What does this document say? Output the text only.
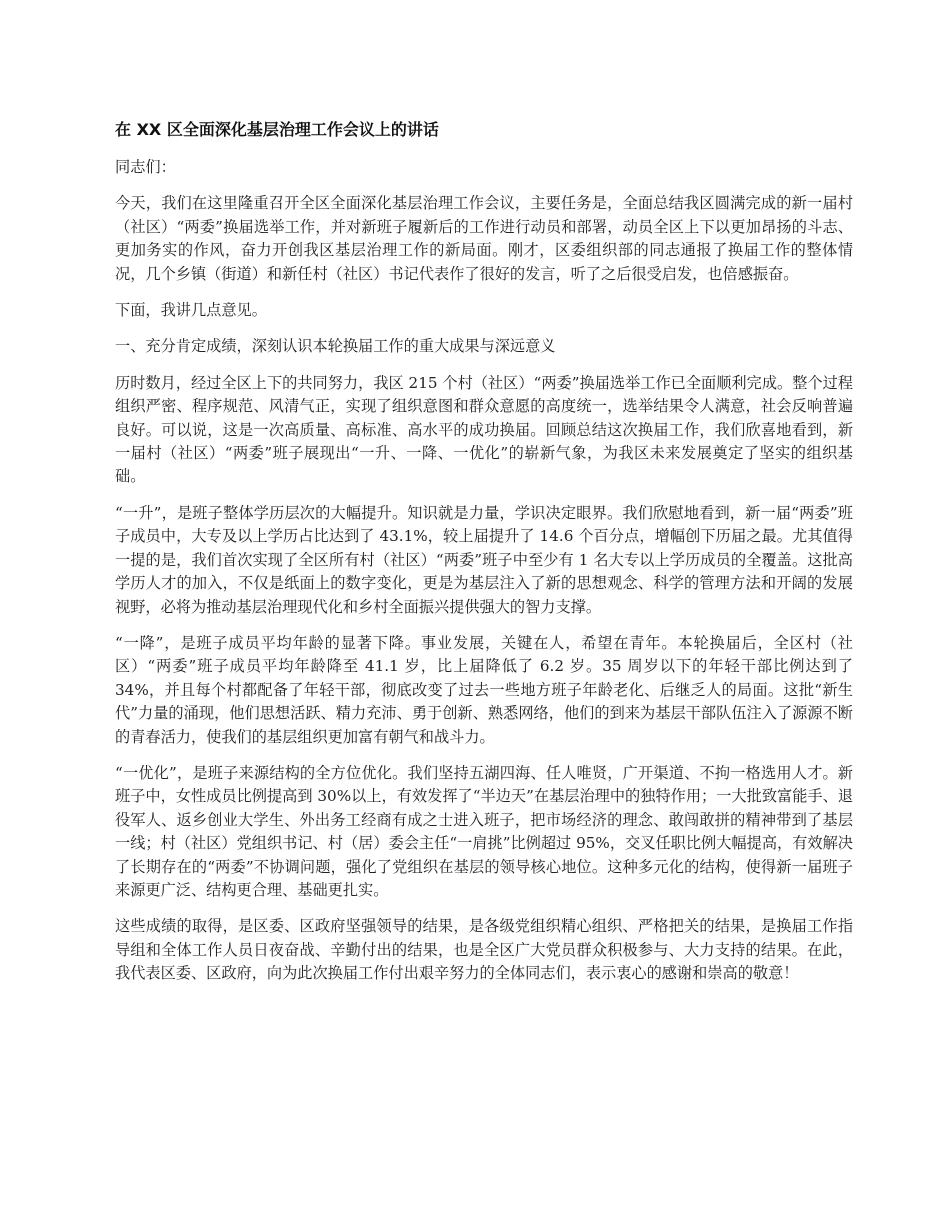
在 XX 区全面深化基层治理工作会议上的讲话

同志们：

今天，我们在这里隆重召开全区全面深化基层治理工作会议，主要任务是，全面总结我区圆满完成的新一届村（社区）“两委”换届选举工作，并对新班子履新后的工作进行动员和部署，动员全区上下以更加昂扬的斗志、更加务实的作风，奋力开创我区基层治理工作的新局面。刚才，区委组织部的同志通报了换届工作的整体情况，几个乡镇（街道）和新任村（社区）书记代表作了很好的发言，听了之后很受启发，也倍感振奋。

下面，我讲几点意见。

一、充分肯定成绩，深刻认识本轮换届工作的重大成果与深远意义

历时数月，经过全区上下的共同努力，我区 215 个村（社区）“两委”换届选举工作已全面顺利完成。整个过程组织严密、程序规范、风清气正，实现了组织意图和群众意愿的高度统一，选举结果令人满意，社会反响普遍良好。可以说，这是一次高质量、高标准、高水平的成功换届。回顾总结这次换届工作，我们欣喜地看到，新一届村（社区）“两委”班子展现出“一升、一降、一优化”的崭新气象，为我区未来发展奠定了坚实的组织基础。

“一升”，是班子整体学历层次的大幅提升。知识就是力量，学识决定眼界。我们欣慰地看到，新一届“两委”班子成员中，大专及以上学历占比达到了 43.1%，较上届提升了 14.6 个百分点，增幅创下历届之最。尤其值得一提的是，我们首次实现了全区所有村（社区）“两委”班子中至少有 1 名大专以上学历成员的全覆盖。这批高学历人才的加入，不仅是纸面上的数字变化，更是为基层注入了新的思想观念、科学的管理方法和开阔的发展视野，必将为推动基层治理现代化和乡村全面振兴提供强大的智力支撑。

“一降”，是班子成员平均年龄的显著下降。事业发展，关键在人，希望在青年。本轮换届后，全区村（社区）“两委”班子成员平均年龄降至 41.1 岁，比上届降低了 6.2 岁。35 周岁以下的年轻干部比例达到了 34%，并且每个村都配备了年轻干部，彻底改变了过去一些地方班子年龄老化、后继乏人的局面。这批“新生代”力量的涌现，他们思想活跃、精力充沛、勇于创新、熟悉网络，他们的到来为基层干部队伍注入了源源不断的青春活力，使我们的基层组织更加富有朝气和战斗力。

“一优化”，是班子来源结构的全方位优化。我们坚持五湖四海、任人唯贤，广开渠道、不拘一格选用人才。新班子中，女性成员比例提高到 30%以上，有效发挥了“半边天”在基层治理中的独特作用；一大批致富能手、退役军人、返乡创业大学生、外出务工经商有成之士进入班子，把市场经济的理念、敢闯敢拼的精神带到了基层一线；村（社区）党组织书记、村（居）委会主任“一肩挑”比例超过 95%，交叉任职比例大幅提高，有效解决了长期存在的“两委”不协调问题，强化了党组织在基层的领导核心地位。这种多元化的结构，使得新一届班子来源更广泛、结构更合理、基础更扎实。

这些成绩的取得，是区委、区政府坚强领导的结果，是各级党组织精心组织、严格把关的结果，是换届工作指导组和全体工作人员日夜奋战、辛勤付出的结果，也是全区广大党员群众积极参与、大力支持的结果。在此，我代表区委、区政府，向为此次换届工作付出艰辛努力的全体同志们，表示衷心的感谢和崇高的敬意！
